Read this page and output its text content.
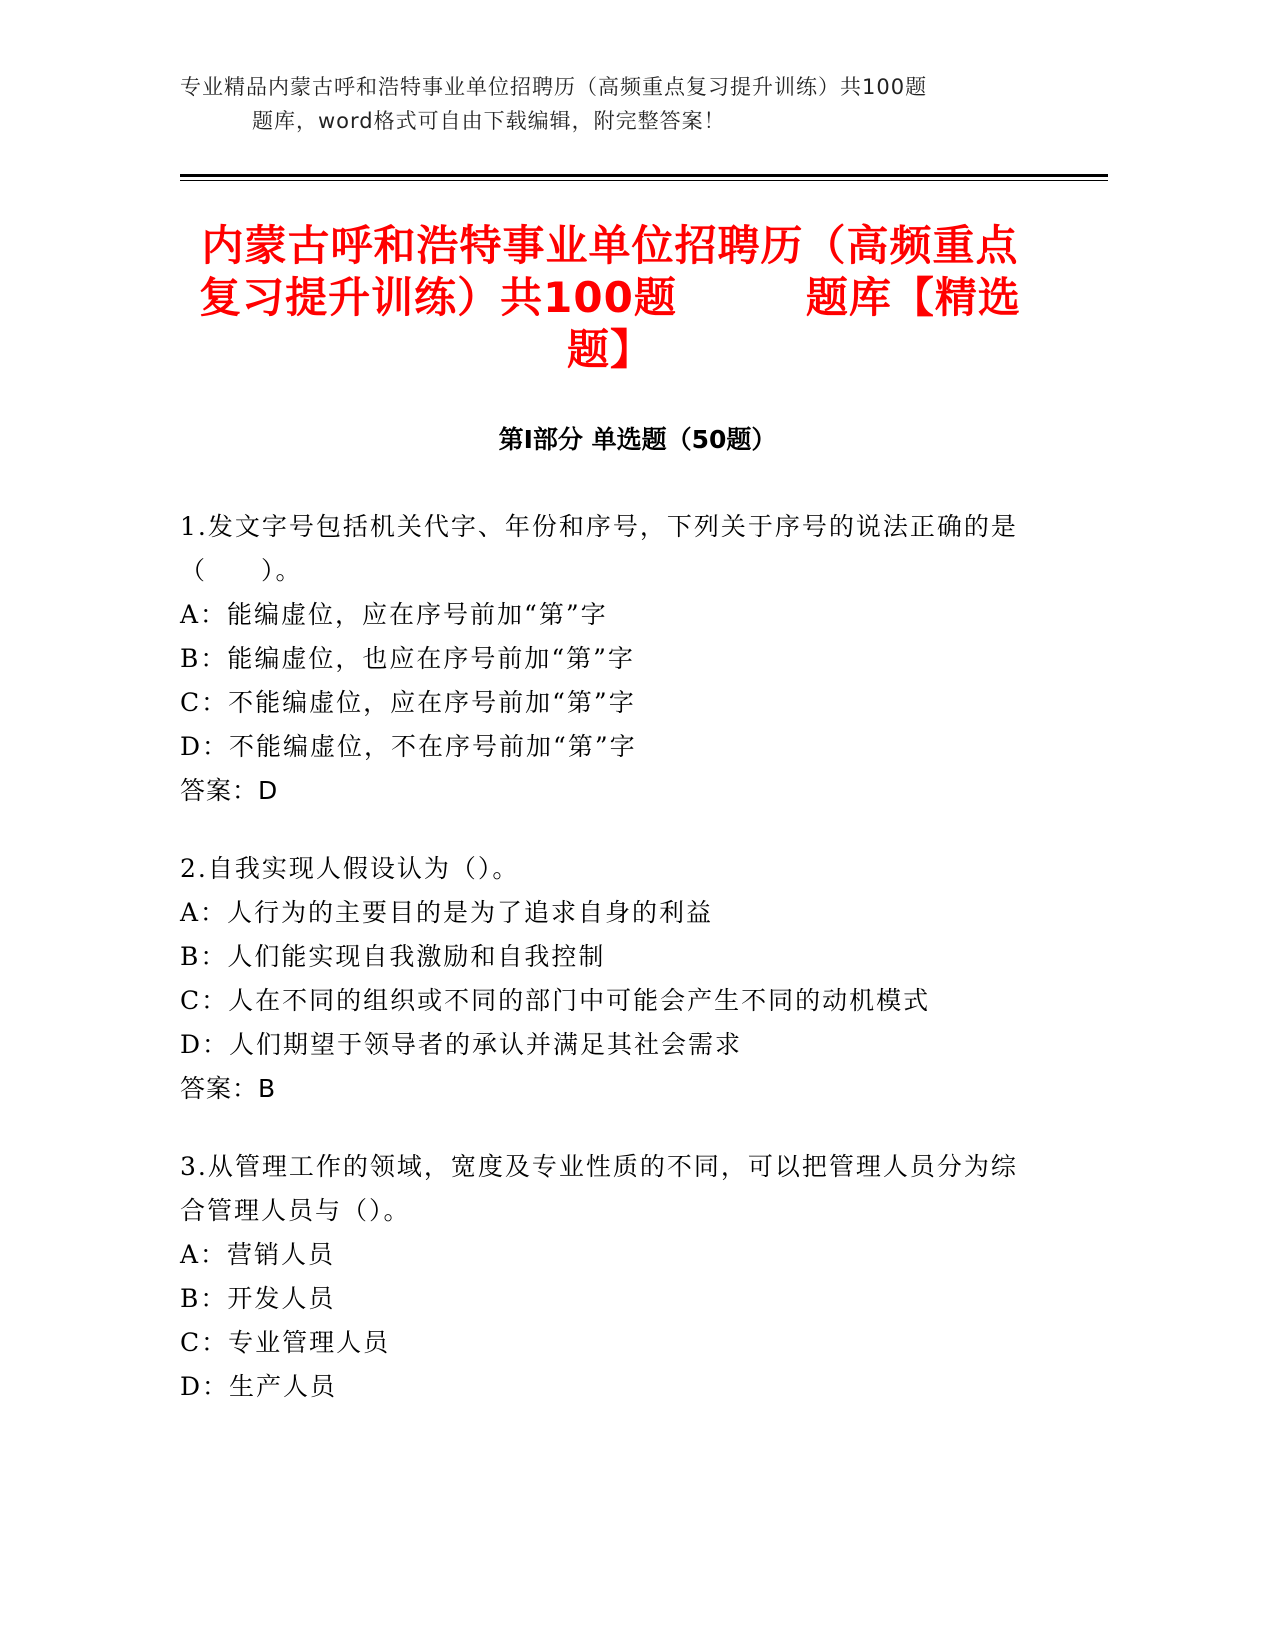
专业精品内蒙古呼和浩特事业单位招聘历（高频重点复习提升训练）共100题
题库，word格式可自由下载编辑，附完整答案！
内蒙古呼和浩特事业单位招聘历（高频重点复习提升训练）共100题　　　题库【精选题】
第I部分 单选题（50题）
1.发文字号包括机关代字、年份和序号，下列关于序号的说法正确的是（　　）。
A：能编虚位，应在序号前加“第”字
B：能编虚位，也应在序号前加“第”字
C：不能编虚位，应在序号前加“第”字
D：不能编虚位，不在序号前加“第”字
答案：D
2.自我实现人假设认为（）。
A：人行为的主要目的是为了追求自身的利益
B：人们能实现自我激励和自我控制
C：人在不同的组织或不同的部门中可能会产生不同的动机模式
D：人们期望于领导者的承认并满足其社会需求
答案：B
3.从管理工作的领域，宽度及专业性质的不同，可以把管理人员分为综合管理人员与（）。
A：营销人员
B：开发人员
C：专业管理人员
D：生产人员
